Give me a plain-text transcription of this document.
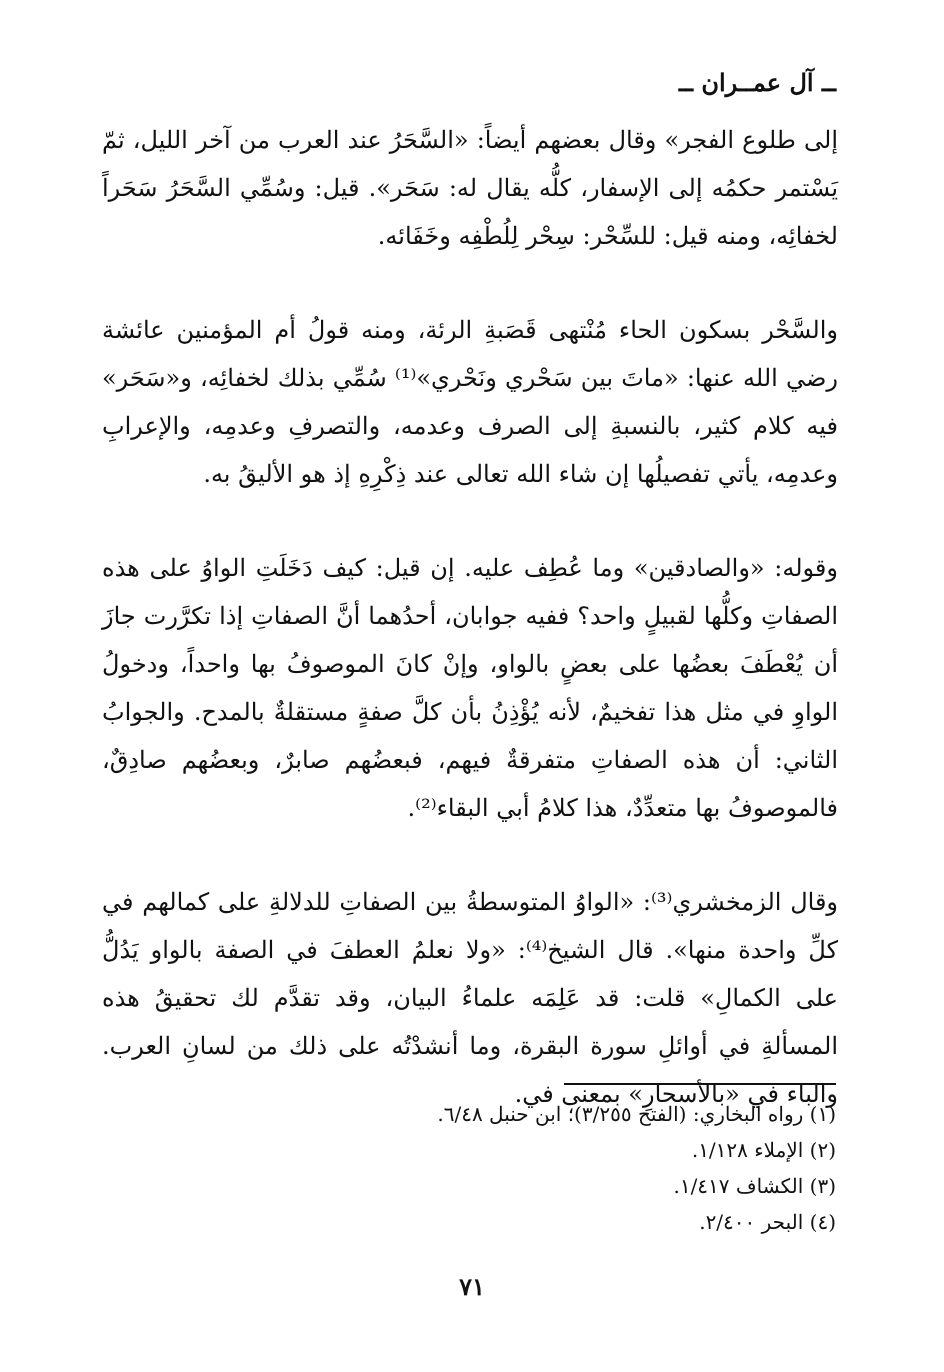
ــ آل عمــران ــ

إلى طلوع الفجر» وقال بعضهم أيضاً: «السَّحَرُ عند العرب من آخر الليل، ثمّ يَسْتمر حكمُه إلى الإسفار، كلُّه يقال له: سَحَر». قيل: وسُمِّي السَّحَرُ سَحَراً لخفائِه، ومنه قيل: للسِّحْر: سِحْر لِلُطْفِه وخَفَائه.

والسَّحْر بسكون الحاء مُنْتهى قَصَبةِ الرئة، ومنه قولُ أم المؤمنين عائشة رضي الله عنها: «ماتَ بين سَحْري ونَحْري»⁽¹⁾ سُمِّي بذلك لخفائِه، و«سَحَر» فيه كلام كثير، بالنسبةِ إلى الصرف وعدمه، والتصرفِ وعدمِه، والإعرابِ وعدمِه، يأتي تفصيلُها إن شاء الله تعالى عند ذِكْرِهِ إذ هو الأليقُ به.

وقوله: «والصادقين» وما عُطِف عليه. إن قيل: كيف دَخَلَتِ الواوُ على هذه الصفاتِ وكلُّها لقبيلٍ واحد؟ ففيه جوابان، أحدُهما أنَّ الصفاتِ إذا تكرَّرت جازَ أن يُعْطَفَ بعضُها على بعضٍ بالواو، وإنْ كانَ الموصوفُ بها واحداً، ودخولُ الواوِ في مثل هذا تفخيمٌ، لأنه يُؤْذِنُ بأن كلَّ صفةٍ مستقلةٌ بالمدح. والجوابُ الثاني: أن هذه الصفاتِ متفرقةٌ فيهم، فبعضُهم صابرٌ، وبعضُهم صادِقٌ، فالموصوفُ بها متعدِّدٌ، هذا كلامُ أبي البقاء⁽²⁾.

وقال الزمخشري⁽³⁾: «الواوُ المتوسطةُ بين الصفاتِ للدلالةِ على كمالهم في كلِّ واحدة منها». قال الشيخ⁽⁴⁾: «ولا نعلمُ العطفَ في الصفة بالواو يَدُلُّ على الكمالِ» قلت: قد عَلِمَه علماءُ البيان، وقد تقدَّم لك تحقيقُ هذه المسألةِ في أوائلِ سورة البقرة، وما أنشدْتُه على ذلك من لسانِ العرب. والباء في «بالأسحارِ» بمعنى في.

(١) رواه البخاري: (الفتح ٣/٢٥٥)؛ ابن حنبل ٦/٤٨.
(٢) الإملاء ١/١٢٨.
(٣) الكشاف ١/٤١٧.
(٤) البحر ٢/٤٠٠.
٧١
